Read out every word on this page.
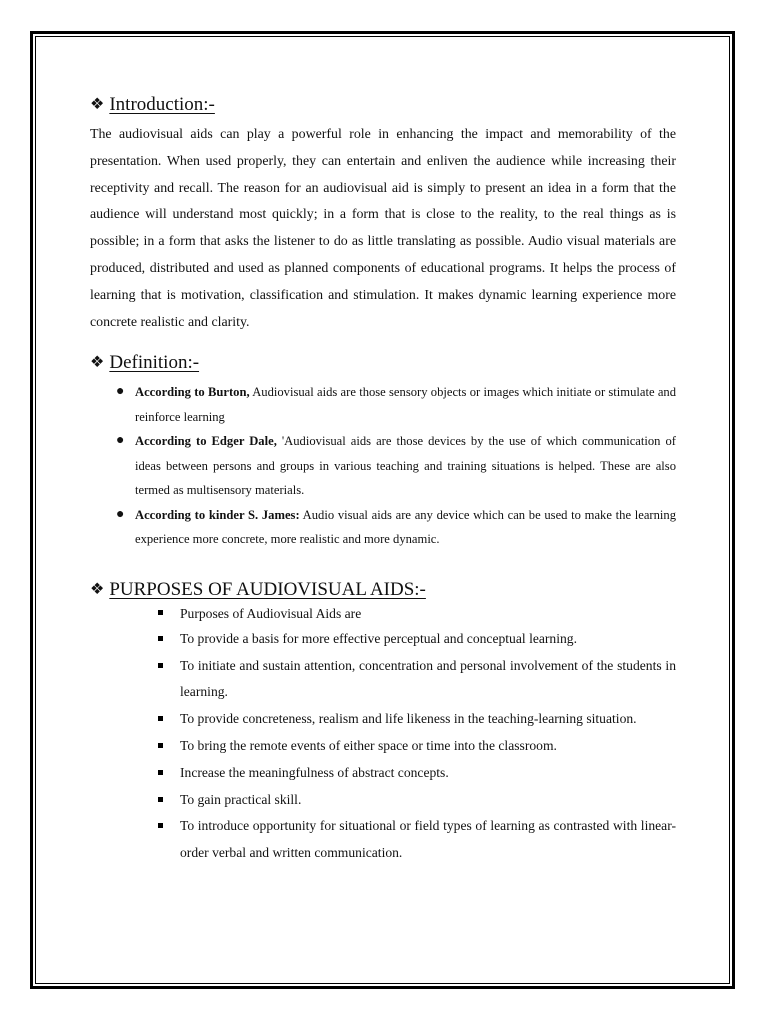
❖ Introduction:-

The audiovisual aids can play a powerful role in enhancing the impact and memorability of the presentation. When used properly, they can entertain and enliven the audience while increasing their receptivity and recall. The reason for an audiovisual aid is simply to present an idea in a form that the audience will understand most quickly; in a form that is close to the reality, to the real things as is possible; in a form that asks the listener to do as little translating as possible. Audio visual materials are produced, distributed and used as planned components of educational programs. It helps the process of learning that is motivation, classification and stimulation. It makes dynamic learning experience more concrete realistic and clarity.

❖ Definition:-
● According to Burton, Audiovisual aids are those sensory objects or images which initiate or stimulate and reinforce learning
● According to Edger Dale, 'Audiovisual aids are those devices by the use of which communication of ideas between persons and groups in various teaching and training situations is helped. These are also termed as multisensory materials.
● According to kinder S. James: Audio visual aids are any device which can be used to make the learning experience more concrete, more realistic and more dynamic.
❖ PURPOSES OF AUDIOVISUAL AIDS:-
Purposes of Audiovisual Aids are
To provide a basis for more effective perceptual and conceptual learning.
To initiate and sustain attention, concentration and personal involvement of the students in learning.
To provide concreteness, realism and life likeness in the teaching-learning situation.
To bring the remote events of either space or time into the classroom.
Increase the meaningfulness of abstract concepts.
To gain practical skill.
To introduce opportunity for situational or field types of learning as contrasted with linear-order verbal and written communication.
